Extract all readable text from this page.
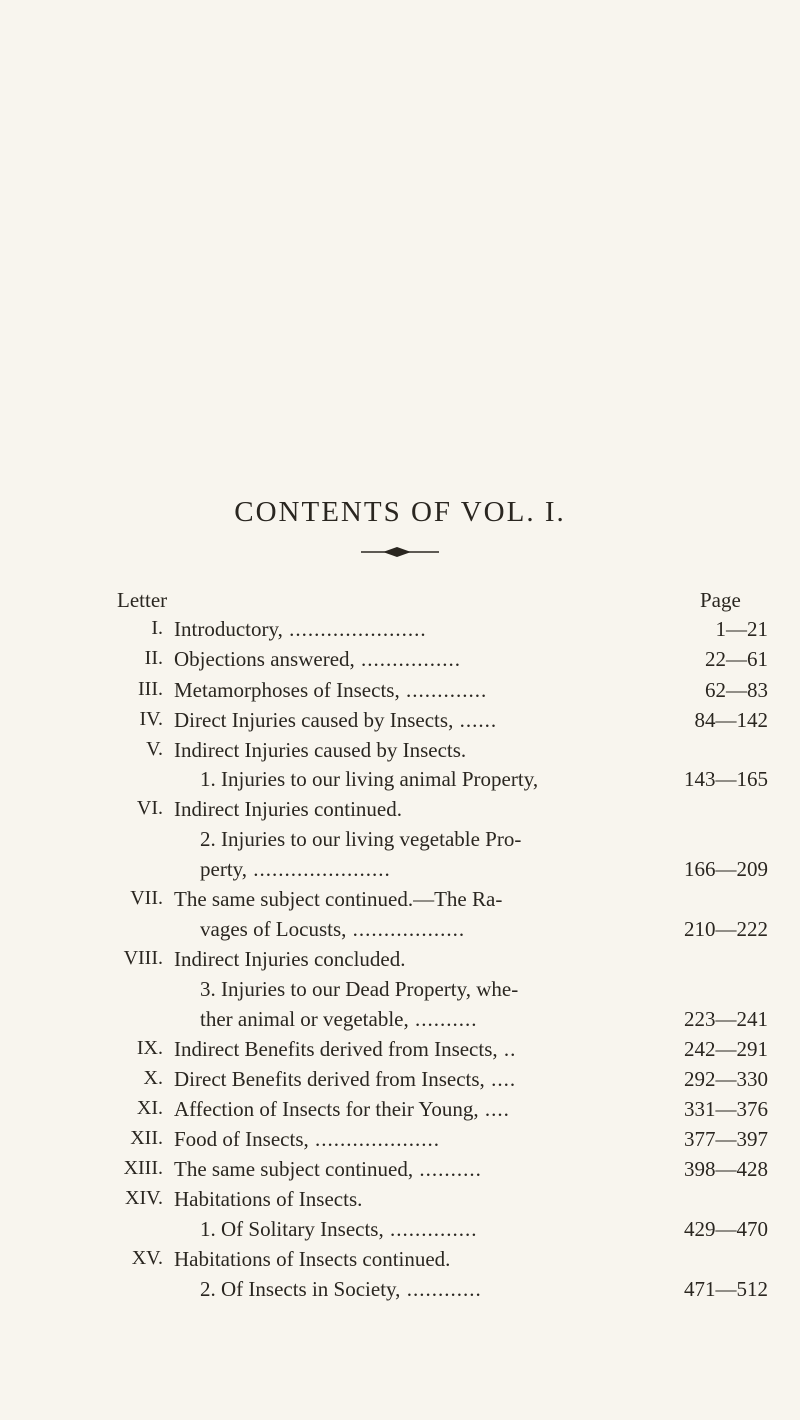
CONTENTS OF VOL. I.
Letter	Page
I. Introductory, ......................	1—21
II. Objections answered, ................	22—61
III. Metamorphoses of Insects, .............	62—83
IV. Direct Injuries caused by Insects, ......	84—142
V. Indirect Injuries caused by Insects.
1. Injuries to our living animal Property,	143—165
VI. Indirect Injuries continued.
2. Injuries to our living vegetable Pro-
perty, ......................	166—209
VII. The same subject continued.—The Ra-
vages of Locusts, ..................	210—222
VIII. Indirect Injuries concluded.
3. Injuries to our Dead Property, whe-
ther animal or vegetable, ..........	223—241
IX. Indirect Benefits derived from Insects, ..	242—291
X. Direct Benefits derived from Insects, ....	292—330
XI. Affection of Insects for their Young, ....	331—376
XII. Food of Insects, ....................	377—397
XIII. The same subject continued, ..........	398—428
XIV. Habitations of Insects.
1. Of Solitary Insects, ..............	429—470
XV. Habitations of Insects continued.
2. Of Insects in Society, ............	471—512
